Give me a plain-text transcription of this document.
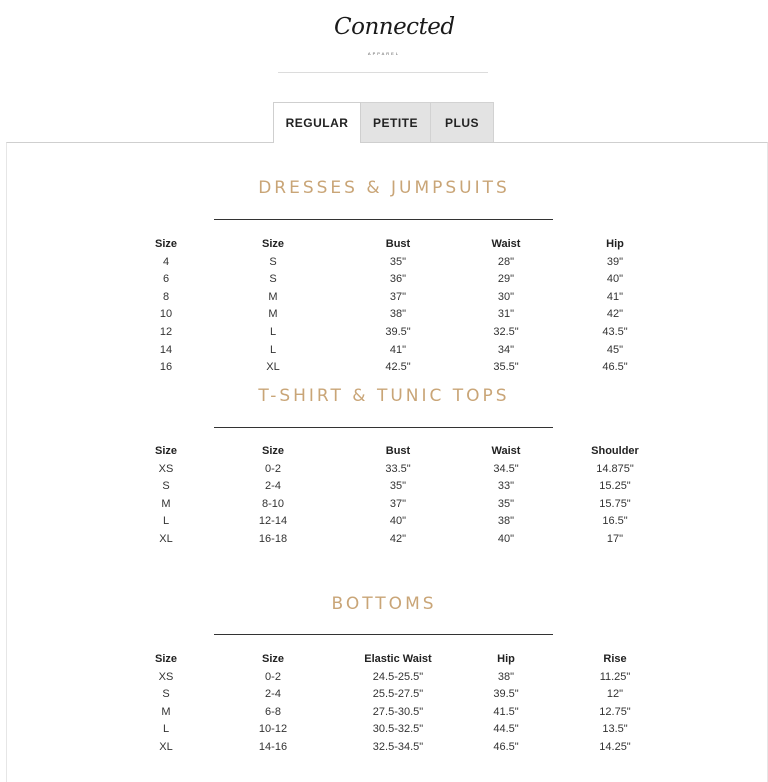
Connected
APPAREL
REGULAR	PETITE	PLUS
DRESSES & JUMPSUITS
Size	Size	Bust	Waist	Hip
4	S	35"	28"	39"
6	S	36"	29"	40"
8	M	37"	30"	41"
10	M	38"	31"	42"
12	L	39.5"	32.5"	43.5"
14	L	41"	34"	45"
16	XL	42.5"	35.5"	46.5"
T-SHIRT & TUNIC TOPS
Size	Size	Bust	Waist	Shoulder
XS	0-2	33.5"	34.5"	14.875"
S	2-4	35"	33"	15.25"
M	8-10	37"	35"	15.75"
L	12-14	40"	38"	16.5"
XL	16-18	42"	40"	17"
BOTTOMS
Size	Size	Elastic Waist	Hip	Rise
XS	0-2	24.5-25.5"	38"	11.25"
S	2-4	25.5-27.5"	39.5"	12"
M	6-8	27.5-30.5"	41.5"	12.75"
L	10-12	30.5-32.5"	44.5"	13.5"
XL	14-16	32.5-34.5"	46.5"	14.25"
